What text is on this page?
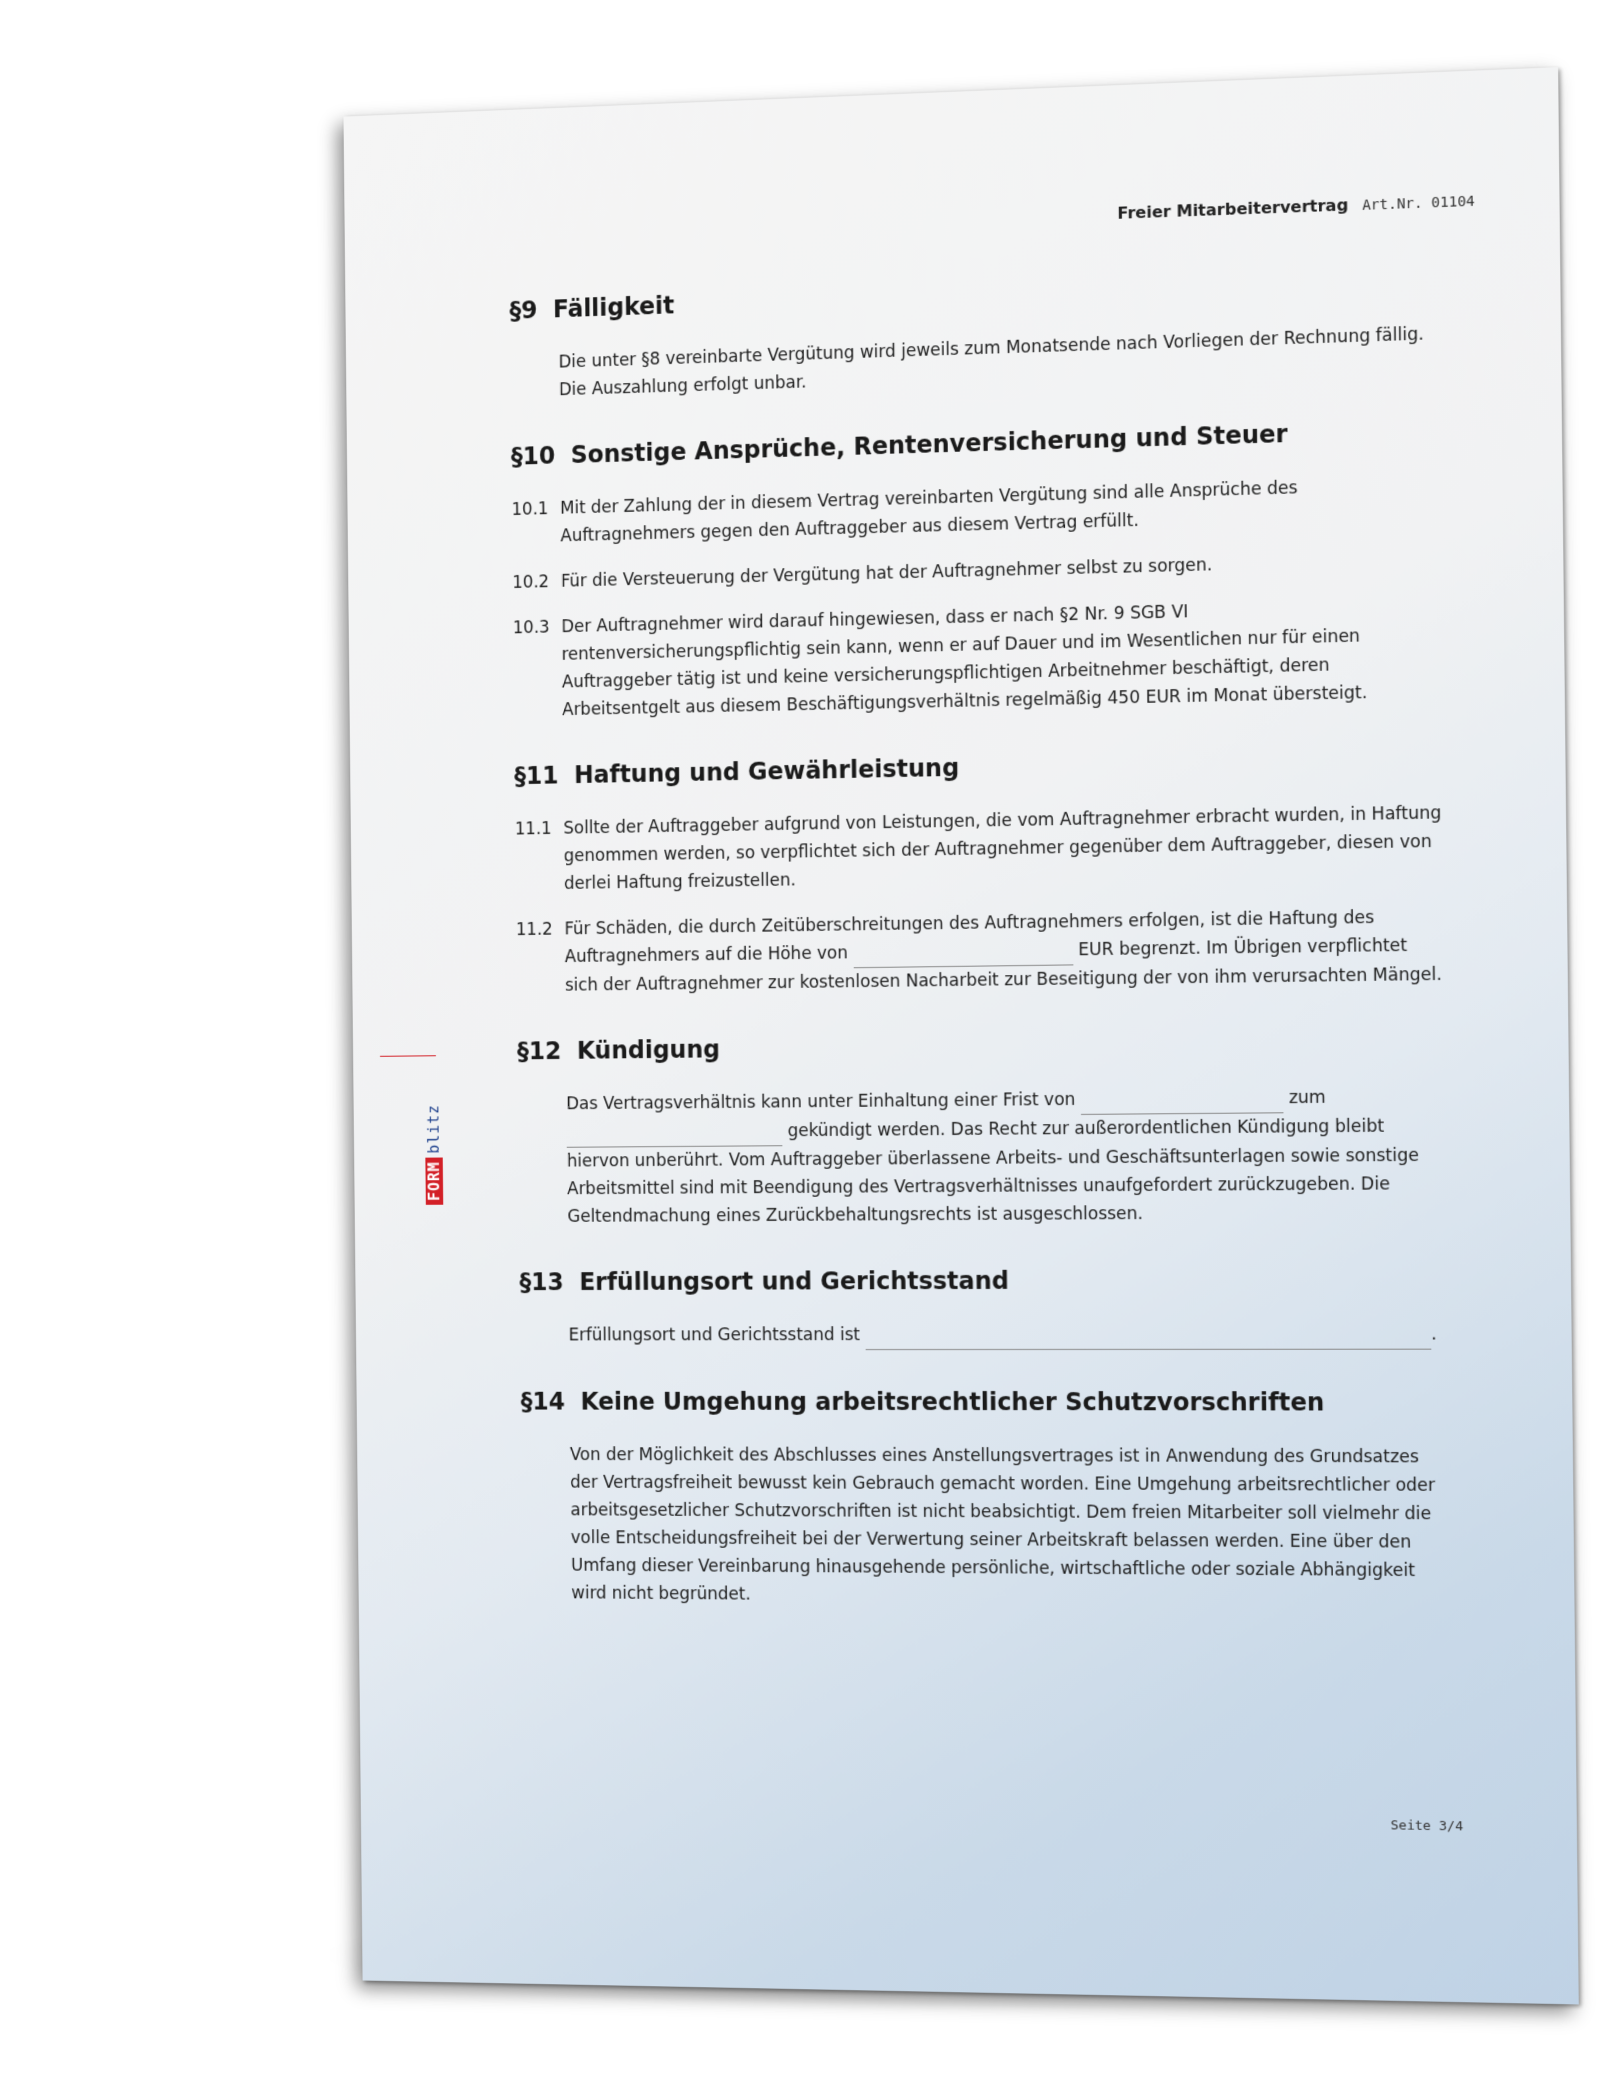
Freier Mitarbeitervertrag Art.Nr. 01104
FORMblitz
§9 Fälligkeit

Die unter §8 vereinbarte Vergütung wird jeweils zum Monatsende nach Vorliegen der Rechnung fällig. Die Auszahlung erfolgt unbar.

§10 Sonstige Ansprüche, Rentenversicherung und Steuer
10.1 Mit der Zahlung der in diesem Vertrag vereinbarten Vergütung sind alle Ansprüche des Auftragnehmers gegen den Auftraggeber aus diesem Vertrag erfüllt.
10.2 Für die Versteuerung der Vergütung hat der Auftragnehmer selbst zu sorgen.
10.3 Der Auftragnehmer wird darauf hingewiesen, dass er nach §2 Nr. 9 SGB VI rentenversicherungspflichtig sein kann, wenn er auf Dauer und im Wesentlichen nur für einen Auftraggeber tätig ist und keine versicherungspflichtigen Arbeitnehmer beschäftigt, deren Arbeitsentgelt aus diesem Beschäftigungsverhältnis regelmäßig 450 EUR im Monat übersteigt.
§11 Haftung und Gewährleistung
11.1 Sollte der Auftraggeber aufgrund von Leistungen, die vom Auftragnehmer erbracht wurden, in Haftung genommen werden, so verpflichtet sich der Auftragnehmer gegenüber dem Auftraggeber, diesen von derlei Haftung freizustellen.
11.2 Für Schäden, die durch Zeitüberschreitungen des Auftragnehmers erfolgen, ist die Haftung des Auftragnehmers auf die Höhe von	EUR begrenzt. Im Übrigen verpflichtet sich der Auftragnehmer zur kostenlosen Nacharbeit zur Beseitigung der von ihm verursachten Mängel.
§12 Kündigung

Das Vertragsverhältnis kann unter Einhaltung einer Frist von	zum   gekündigt werden. Das Recht zur außerordentlichen Kündigung bleibt hiervon unberührt. Vom Auftraggeber überlassene Arbeits- und Geschäftsunterlagen sowie sonstige Arbeitsmittel sind mit Beendigung des Vertragsverhältnisses unaufgefordert zurückzugeben. Die Geltendmachung eines Zurückbehaltungsrechts ist ausgeschlossen.

§13 Erfüllungsort und Gerichtsstand

Erfüllungsort und Gerichtsstand ist	.

§14 Keine Umgehung arbeitsrechtlicher Schutzvorschriften

Von der Möglichkeit des Abschlusses eines Anstellungsvertrages ist in Anwendung des Grundsatzes der Vertragsfreiheit bewusst kein Gebrauch gemacht worden. Eine Umgehung arbeitsrechtlicher oder arbeitsgesetzlicher Schutzvorschriften ist nicht beabsichtigt. Dem freien Mitarbeiter soll vielmehr die volle Entscheidungsfreiheit bei der Verwertung seiner Arbeitskraft belassen werden. Eine über den Umfang dieser Vereinbarung hinausgehende persönliche, wirtschaftliche oder soziale Abhängigkeit wird nicht begründet.

Seite 3/4
